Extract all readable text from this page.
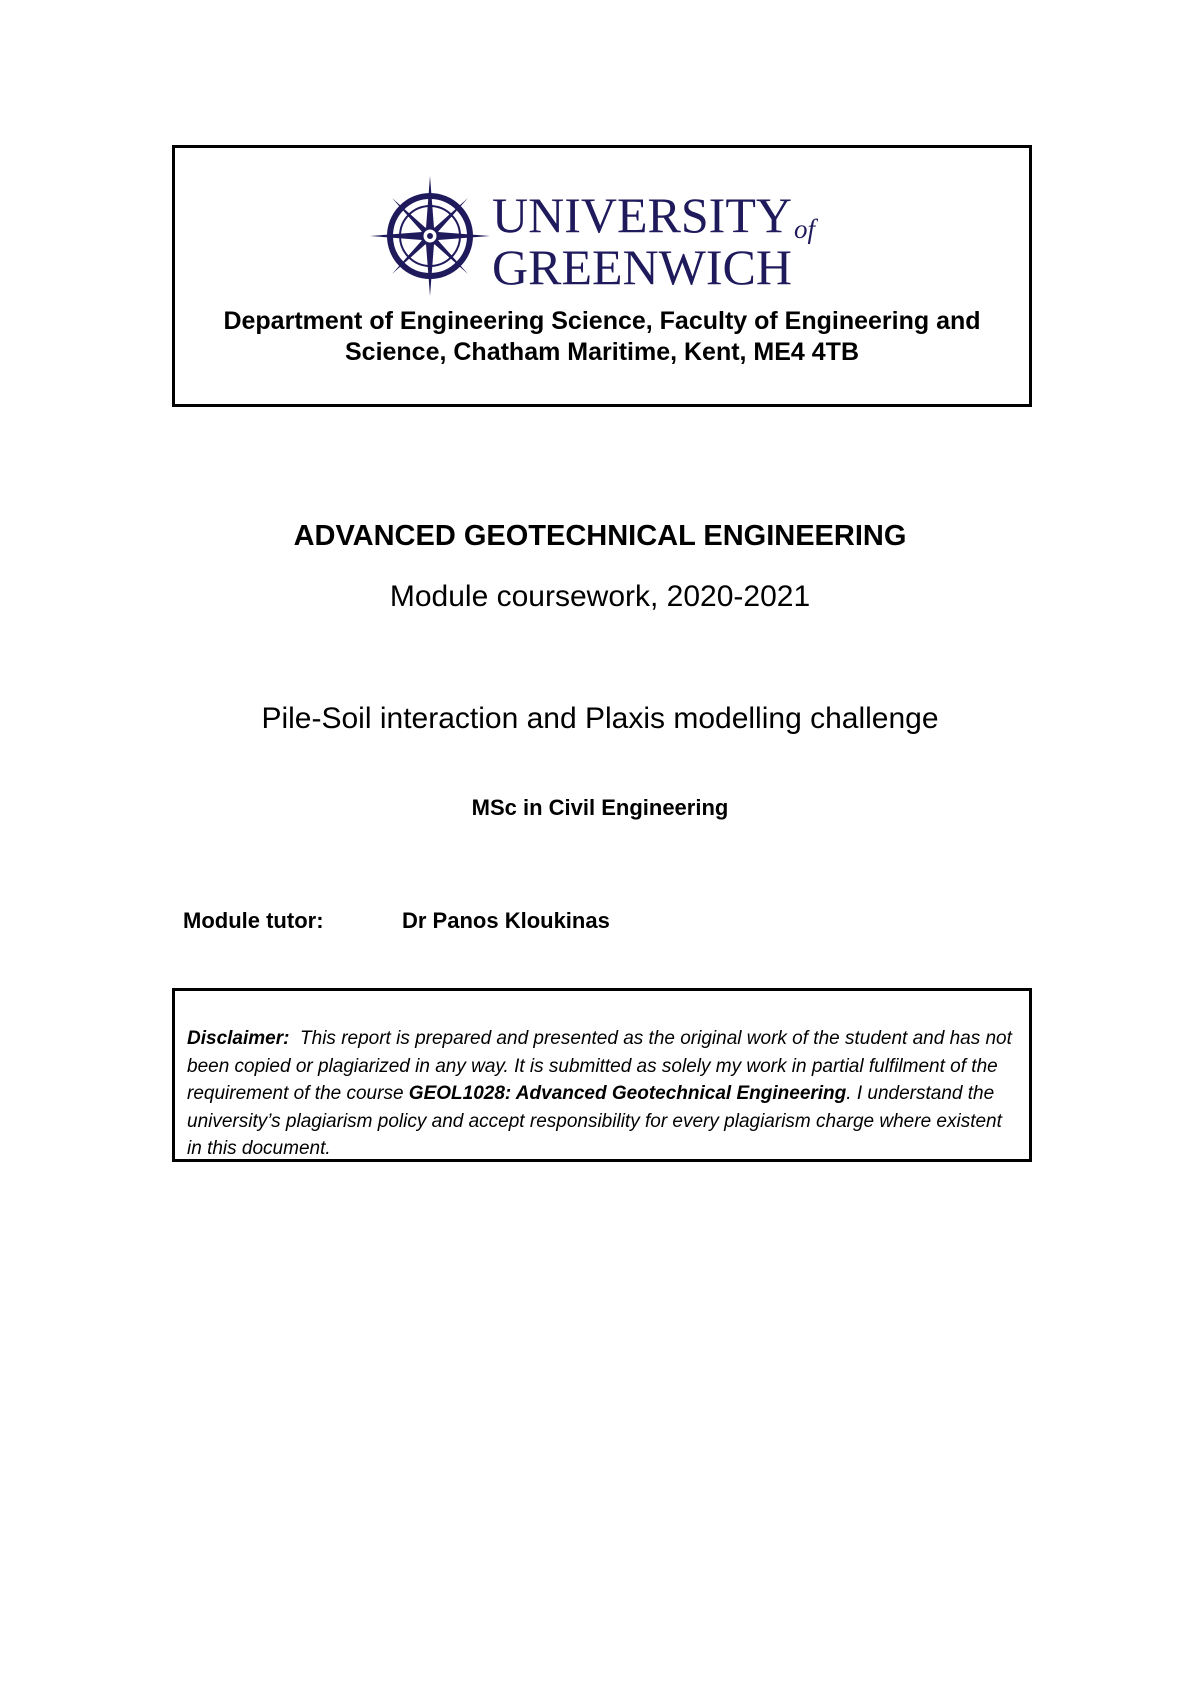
UNIVERSITY of
GREENWICH
Department of Engineering Science, Faculty of Engineering and Science, Chatham Maritime, Kent, ME4 4TB
ADVANCED GEOTECHNICAL ENGINEERING
Module coursework, 2020-2021
Pile-Soil interaction and Plaxis modelling challenge
MSc in Civil Engineering
Module tutor:	Dr Panos Kloukinas
Disclaimer: This report is prepared and presented as the original work of the student and has not been copied or plagiarized in any way. It is submitted as solely my work in partial fulfilment of the requirement of the course GEOL1028: Advanced Geotechnical Engineering. I understand the university’s plagiarism policy and accept responsibility for every plagiarism charge where existent in this document.
